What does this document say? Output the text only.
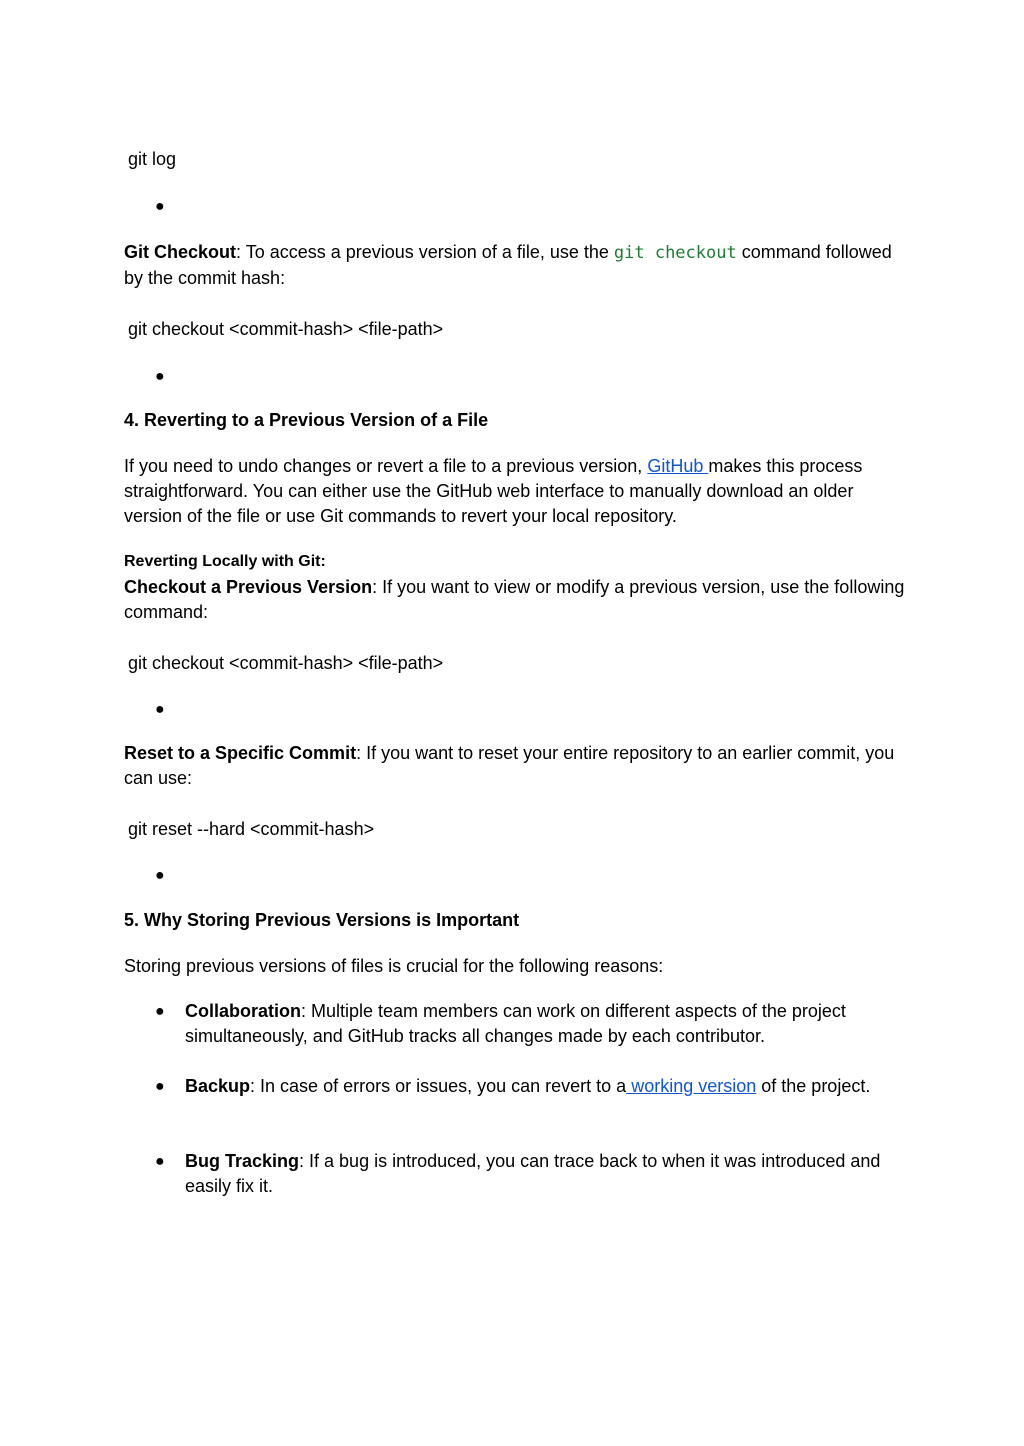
git log
●
Git Checkout: To access a previous version of a file, use the git checkout command followed by the commit hash:
git checkout <commit-hash> <file-path>
●
4. Reverting to a Previous Version of a File
If you need to undo changes or revert a file to a previous version, GitHub makes this process straightforward. You can either use the GitHub web interface to manually download an older version of the file or use Git commands to revert your local repository.
Reverting Locally with Git:
Checkout a Previous Version: If you want to view or modify a previous version, use the following command:
git checkout <commit-hash> <file-path>
●
Reset to a Specific Commit: If you want to reset your entire repository to an earlier commit, you can use:
git reset --hard <commit-hash>
●
5. Why Storing Previous Versions is Important
Storing previous versions of files is crucial for the following reasons:
● Collaboration: Multiple team members can work on different aspects of the project simultaneously, and GitHub tracks all changes made by each contributor.
● Backup: In case of errors or issues, you can revert to a working version of the project.
● Bug Tracking: If a bug is introduced, you can trace back to when it was introduced and easily fix it.
